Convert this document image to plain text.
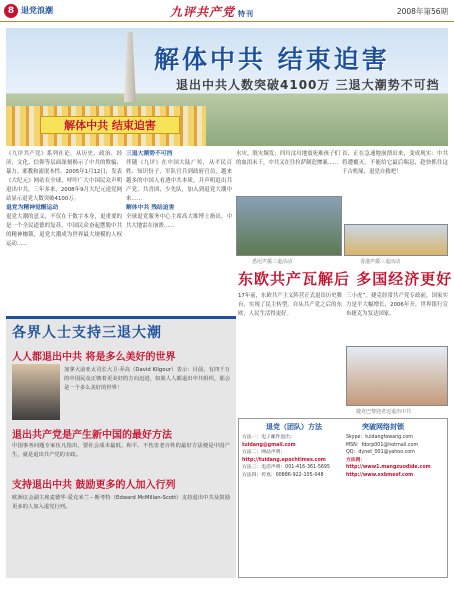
8 退党浪潮	九评共产党 特刊	2008年第56期
解体中共 结束迫害
解体中共 结束迫害
退出中共人数突破4100万 三退大潮势不可挡

《九评共产党》系列社论，从历史、政治、经济、文化、信仰等层面深刻揭示了中共的欺骗、暴力、邪教和流氓本性。2005年1月12日，发表《大纪元》网站在全球，呼吁广大中国民众声明退出中共，三年多来，2008年9月大纪元退党网站显示退党人数突破4100万。

退党为精神觉醒运动

退党大潮的意义，不仅在于数字本身，更重要的是一个全民道德的复苏，中国民众奋起摆脱中共的精神枷锁，退党大潮成为世界最大规模的人权运动……

三退大潮势不可挡

伴随《九评》在中国大陆广传，从平民百姓、知识份子、军队官兵到政府官员，越来越多的中国人看透中共本质，并声明退出共产党、共青团、少先队，加入到退党大潮中来……

解体中共 残结迫害

全球退党服务中心主席高大维博士指出，中共大地雷在崩溃……

水灾、股灾频发；四川汶川地震死难孩子们的血泪未干，中共又在往拉萨制造惨案……
首，正在急速地崩溃出来，变成现实：中共将遭覆灭。不能给它最后喘息，趁快抓住这千古机缘，退党自救吧！
悉尼声援三退活动	香港声援三退活动
东欧共产瓦解后 多国经济更好
17年前，东欧共产主义阵营正式退出历史舞台，实现了民主转型。自从共产党之后的东欧，人民生活得更好。
三小虎”。捷克经常共产党专政前，国家实力是平大幅增长，2006年开，世界银行宣布捷克为发达国家。
捷克巴黎迎老迈退出中共
各界人士支持三退大潮
人人都退出中共 将是多么美好的世界
加拿大前亚太司长大卫·乔高（David Kilgour）表示：目前，有四千万的中国民众正朝着更美好的方向迈进，如果人人都退出中共组织，那会是一个多么美好的世界！
退出共产党是产生新中国的最好方法
中国事务问题专家伍凡指出，要社会成本最低、和平、不伤害老百姓的最好方法便是中国产生，就是退出共产党的专政。
支持退出中共 鼓励更多的人加入行列
欧洲议会副主席麦德华·爱克米兰－斯考特（Edward McMillan-Scott）支持退出中共及鼓励更多的人加入退党行列。
退党（团队）方法	突破网络封锁
方法一：电子邮件退出：
tuidang@gmail.com
方法二：网站声明：
http://tuidang.epochtimes.com
方法三：电话声明：001-416-361-5695
方法四：传真：00886-922-105-048
Skype：tuidangfawang.com
MSN：fdorp001@hotmail.com
QQ：dynet_001@yahoo.com
方法网：http://www1.mangzuodide.com
http://www.xxbmesf.com
